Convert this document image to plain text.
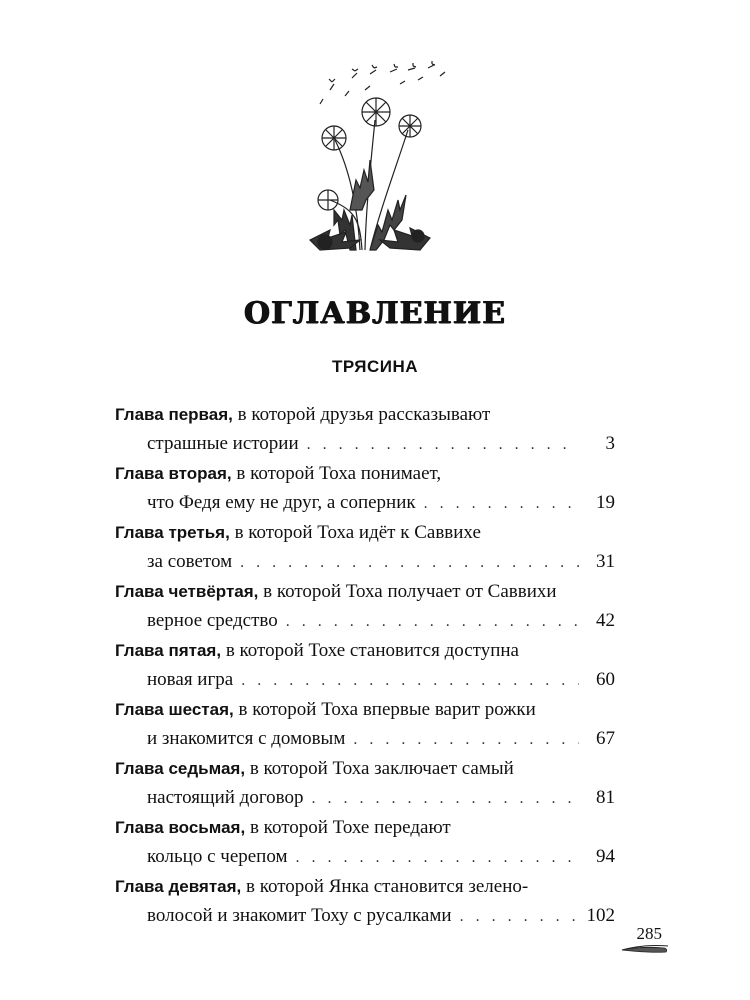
ОГЛАВЛЕНИЕ
ТРЯСИНА
Глава первая, в которой друзья рассказывают
страшные истории . . .	3
Глава вторая, в которой Тоха понимает,
что Федя ему не друг, а соперник . . .	19
Глава третья, в которой Тоха идёт к Саввихе
за советом . . .	31
Глава четвёртая, в которой Тоха получает от Саввихи
верное средство . . .	42
Глава пятая, в которой Тохе становится доступна
новая игра . . .	60
Глава шестая, в которой Тоха впервые варит рожки
и знакомится с домовым . . .	67
Глава седьмая, в которой Тоха заключает самый
настоящий договор . . .	81
Глава восьмая, в которой Тохе передают
кольцо с черепом . . .	94
Глава девятая, в которой Янка становится зелено-
волосой и знакомит Тоху с русалками . . .	102
285
